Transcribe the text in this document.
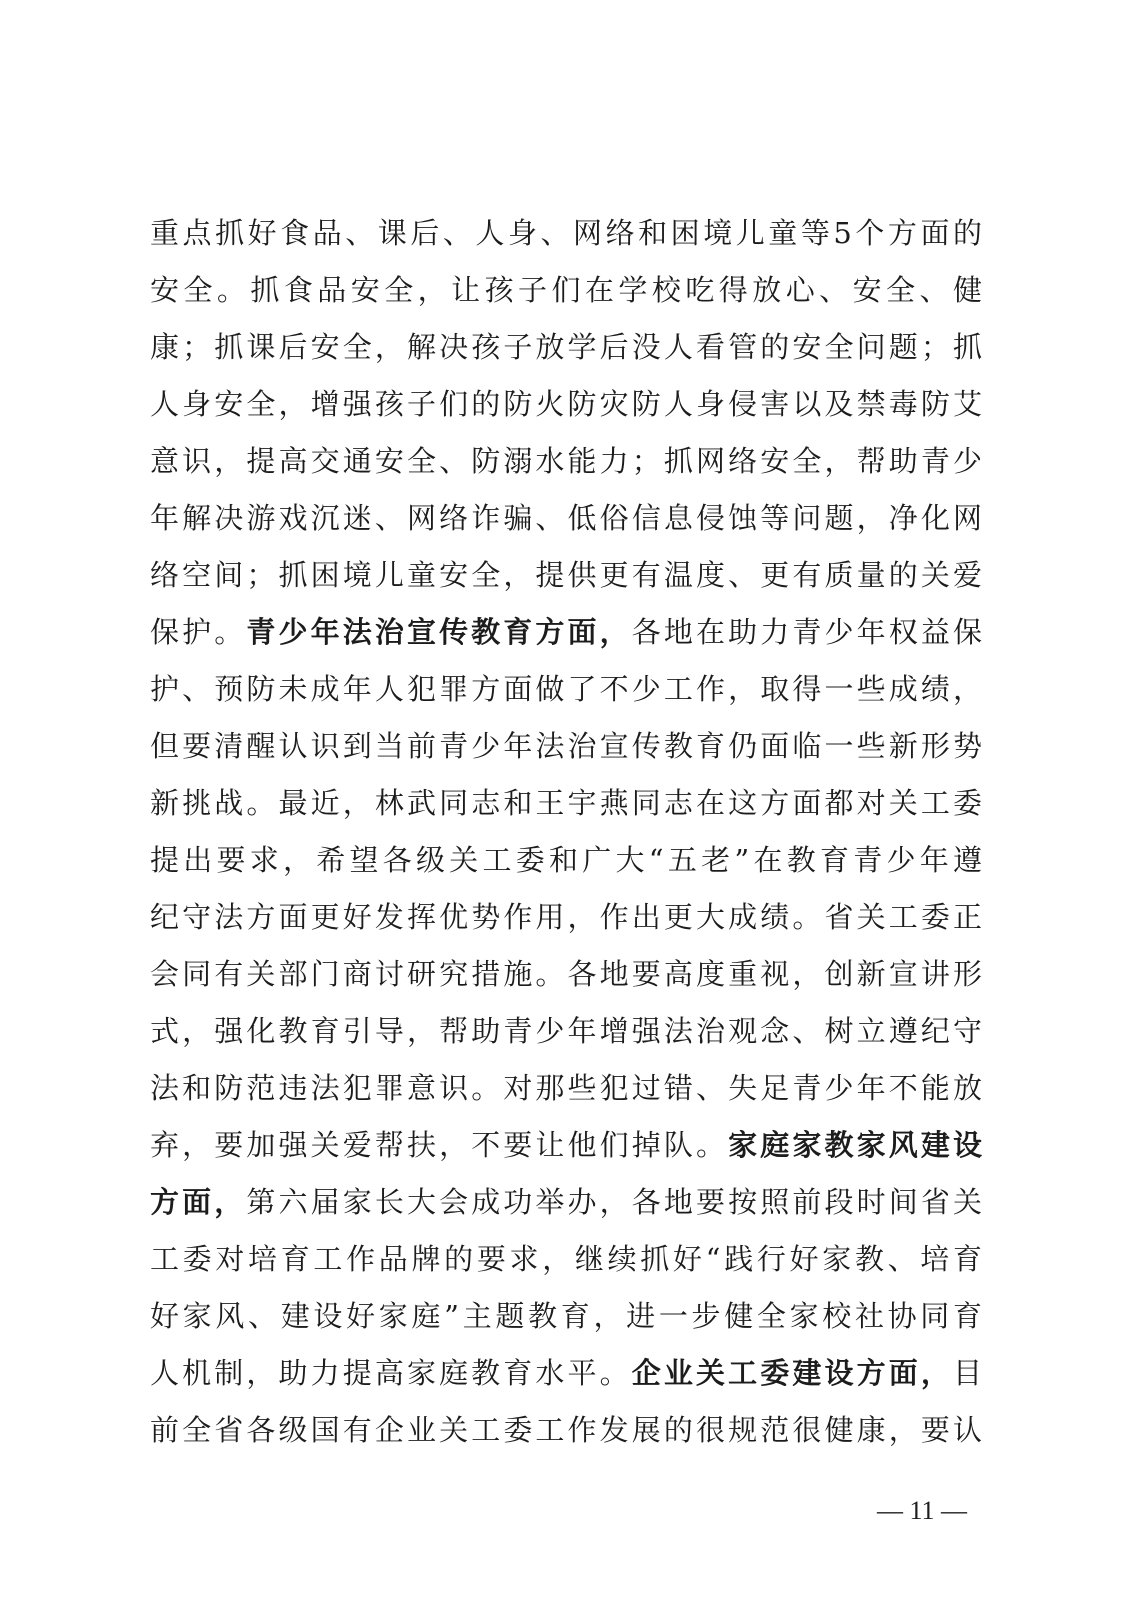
重点抓好食品、课后、人身、网络和困境儿童等5个方面的
安全。抓食品安全，让孩子们在学校吃得放心、安全、健
康；抓课后安全，解决孩子放学后没人看管的安全问题；抓
人身安全，增强孩子们的防火防灾防人身侵害以及禁毒防艾
意识，提高交通安全、防溺水能力；抓网络安全，帮助青少
年解决游戏沉迷、网络诈骗、低俗信息侵蚀等问题，净化网
络空间；抓困境儿童安全，提供更有温度、更有质量的关爱
保护。青少年法治宣传教育方面，各地在助力青少年权益保
护、预防未成年人犯罪方面做了不少工作，取得一些成绩，
但要清醒认识到当前青少年法治宣传教育仍面临一些新形势
新挑战。最近，林武同志和王宇燕同志在这方面都对关工委
提出要求，希望各级关工委和广大“五老”在教育青少年遵
纪守法方面更好发挥优势作用，作出更大成绩。省关工委正
会同有关部门商讨研究措施。各地要高度重视，创新宣讲形
式，强化教育引导，帮助青少年增强法治观念、树立遵纪守
法和防范违法犯罪意识。对那些犯过错、失足青少年不能放
弃，要加强关爱帮扶，不要让他们掉队。家庭家教家风建设
方面，第六届家长大会成功举办，各地要按照前段时间省关
工委对培育工作品牌的要求，继续抓好“践行好家教、培育
好家风、建设好家庭”主题教育，进一步健全家校社协同育
人机制，助力提高家庭教育水平。企业关工委建设方面，目
前全省各级国有企业关工委工作发展的很规范很健康，要认
— 11 —
